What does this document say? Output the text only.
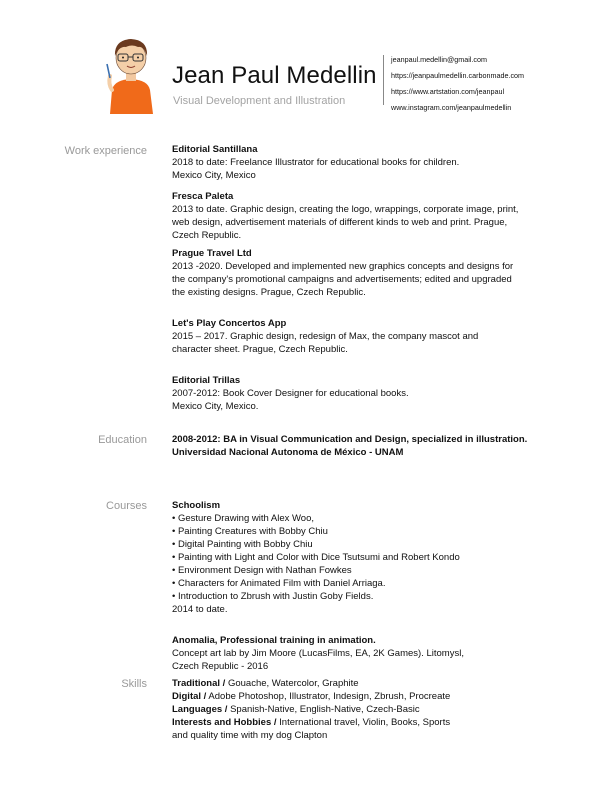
Jean Paul Medellin
Visual Development and Illustration
jeanpaul.medellin@gmail.com
https://jeanpaulmedellin.carbonmade.com
https://www.artstation.com/jeanpaul
www.instagram.com/jeanpaulmedellin
Work experience	Editorial Santillana
2018 to date: Freelance Illustrator for educational books for children.
Mexico City, Mexico
Fresca Paleta
2013 to date. Graphic design, creating the logo, wrappings, corporate image, print,
web design, advertisement materials of different kinds to web and print. Prague,
Czech Republic.
Prague Travel Ltd
2013 -2020. Developed and implemented new graphics concepts and designs for
the company's promotional campaigns and advertisements; edited and upgraded
the existing designs. Prague, Czech Republic.
Let's Play Concertos App
2015 – 2017. Graphic design, redesign of Max, the company mascot and
character sheet. Prague, Czech Republic.
Editorial Trillas
2007-2012: Book Cover Designer for educational books.
Mexico City, Mexico.
Education	2008-2012: BA in Visual Communication and Design, specialized in illustration.
Universidad Nacional Autonoma de México - UNAM
Courses	Schoolism
• Gesture Drawing with Alex Woo,
• Painting Creatures with Bobby Chiu
• Digital Painting with Bobby Chiu
• Painting with Light and Color with Dice Tsutsumi and Robert Kondo
• Environment Design with Nathan Fowkes
• Characters for Animated Film with Daniel Arriaga.
• Introduction to Zbrush with Justin Goby Fields.
2014 to date.
Anomalia, Professional training in animation.
Concept art lab by Jim Moore (LucasFilms, EA, 2K Games). Litomysl,
Czech Republic - 2016
Skills	Traditional / Gouache, Watercolor, Graphite
Digital / Adobe Photoshop, Illustrator, Indesign, Zbrush, Procreate
Languages / Spanish-Native, English-Native, Czech-Basic
Interests and Hobbies / International travel, Violin, Books, Sports
and quality time with my dog Clapton
